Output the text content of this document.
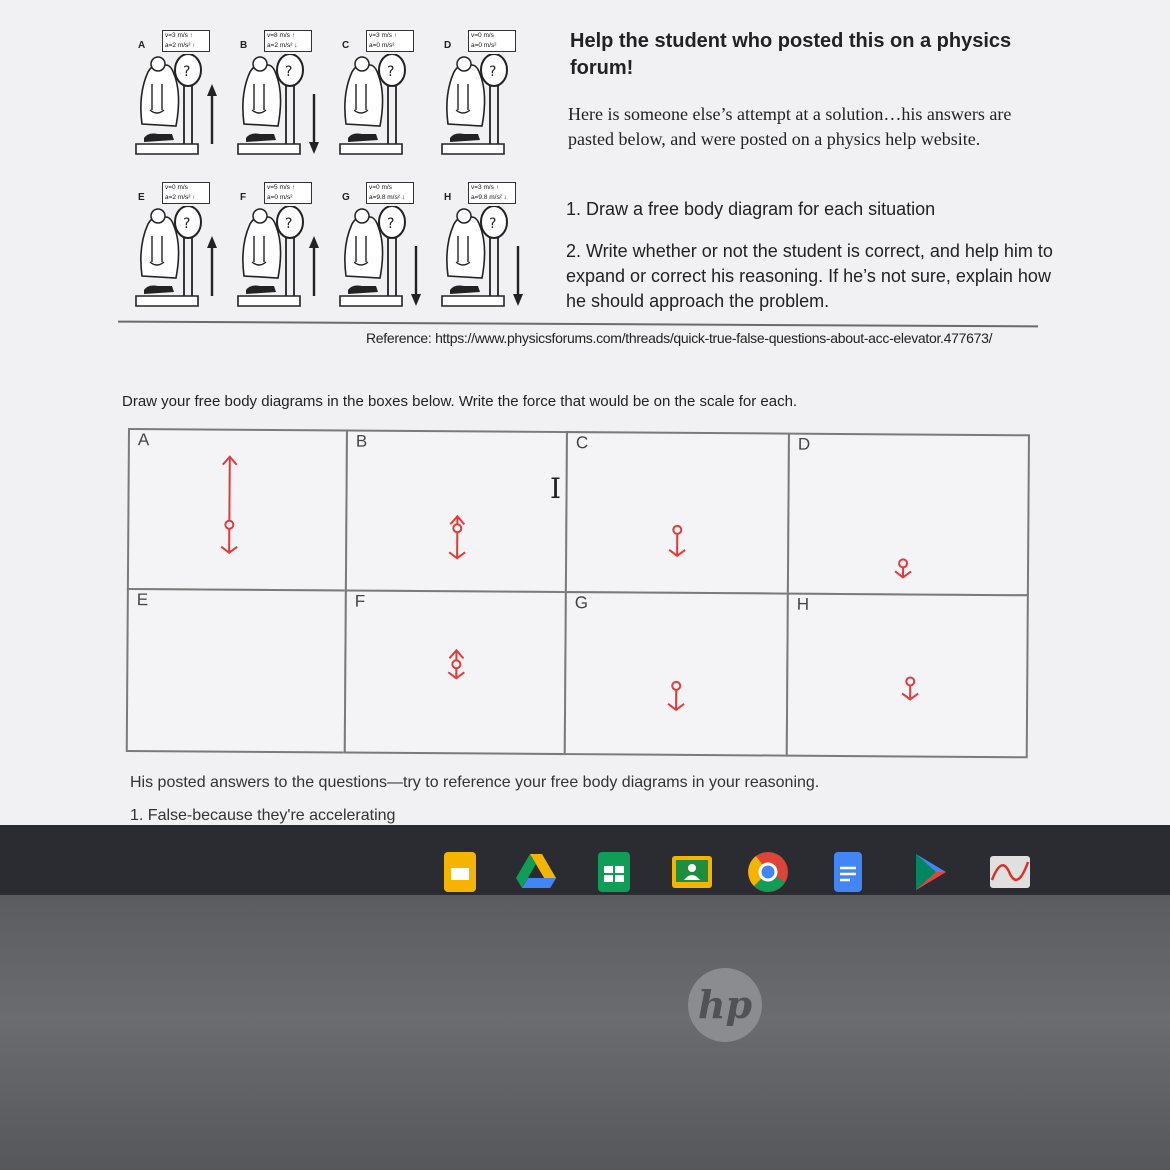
A
v=3 m/s ↑
a=2 m/s² ↑
?
B
v=8 m/s ↑
a=2 m/s² ↓
?
C
v=3 m/s ↑
a=0 m/s²
?
D
v=0 m/s
a=0 m/s²
?
E
v=0 m/s
a=2 m/s² ↑
?
F
v=5 m/s ↑
a=0 m/s²
?
G
v=0 m/s
a=9.8 m/s² ↓
?
H
v=3 m/s ↑
a=9.8 m/s² ↓
?
Help the student who posted this on a physics forum!
Here is someone else’s attempt at a solution…his answers are pasted below, and were posted on a physics help website.
1. Draw a free body diagram for each situation
2. Write whether or not the student is correct, and help him to expand or correct his reasoning. If he’s not sure, explain how he should approach the problem.
Reference: https://www.physicsforums.com/threads/quick-true-false-questions-about-acc-elevator.477673/
Draw your free body diagrams in the boxes below. Write the force that would be on the scale for each.
A	B	C	D
E	F	G	H
I
His posted answers to the questions—try to reference your free body diagrams in your reasoning.
1. False-because they're accelerating
hp
